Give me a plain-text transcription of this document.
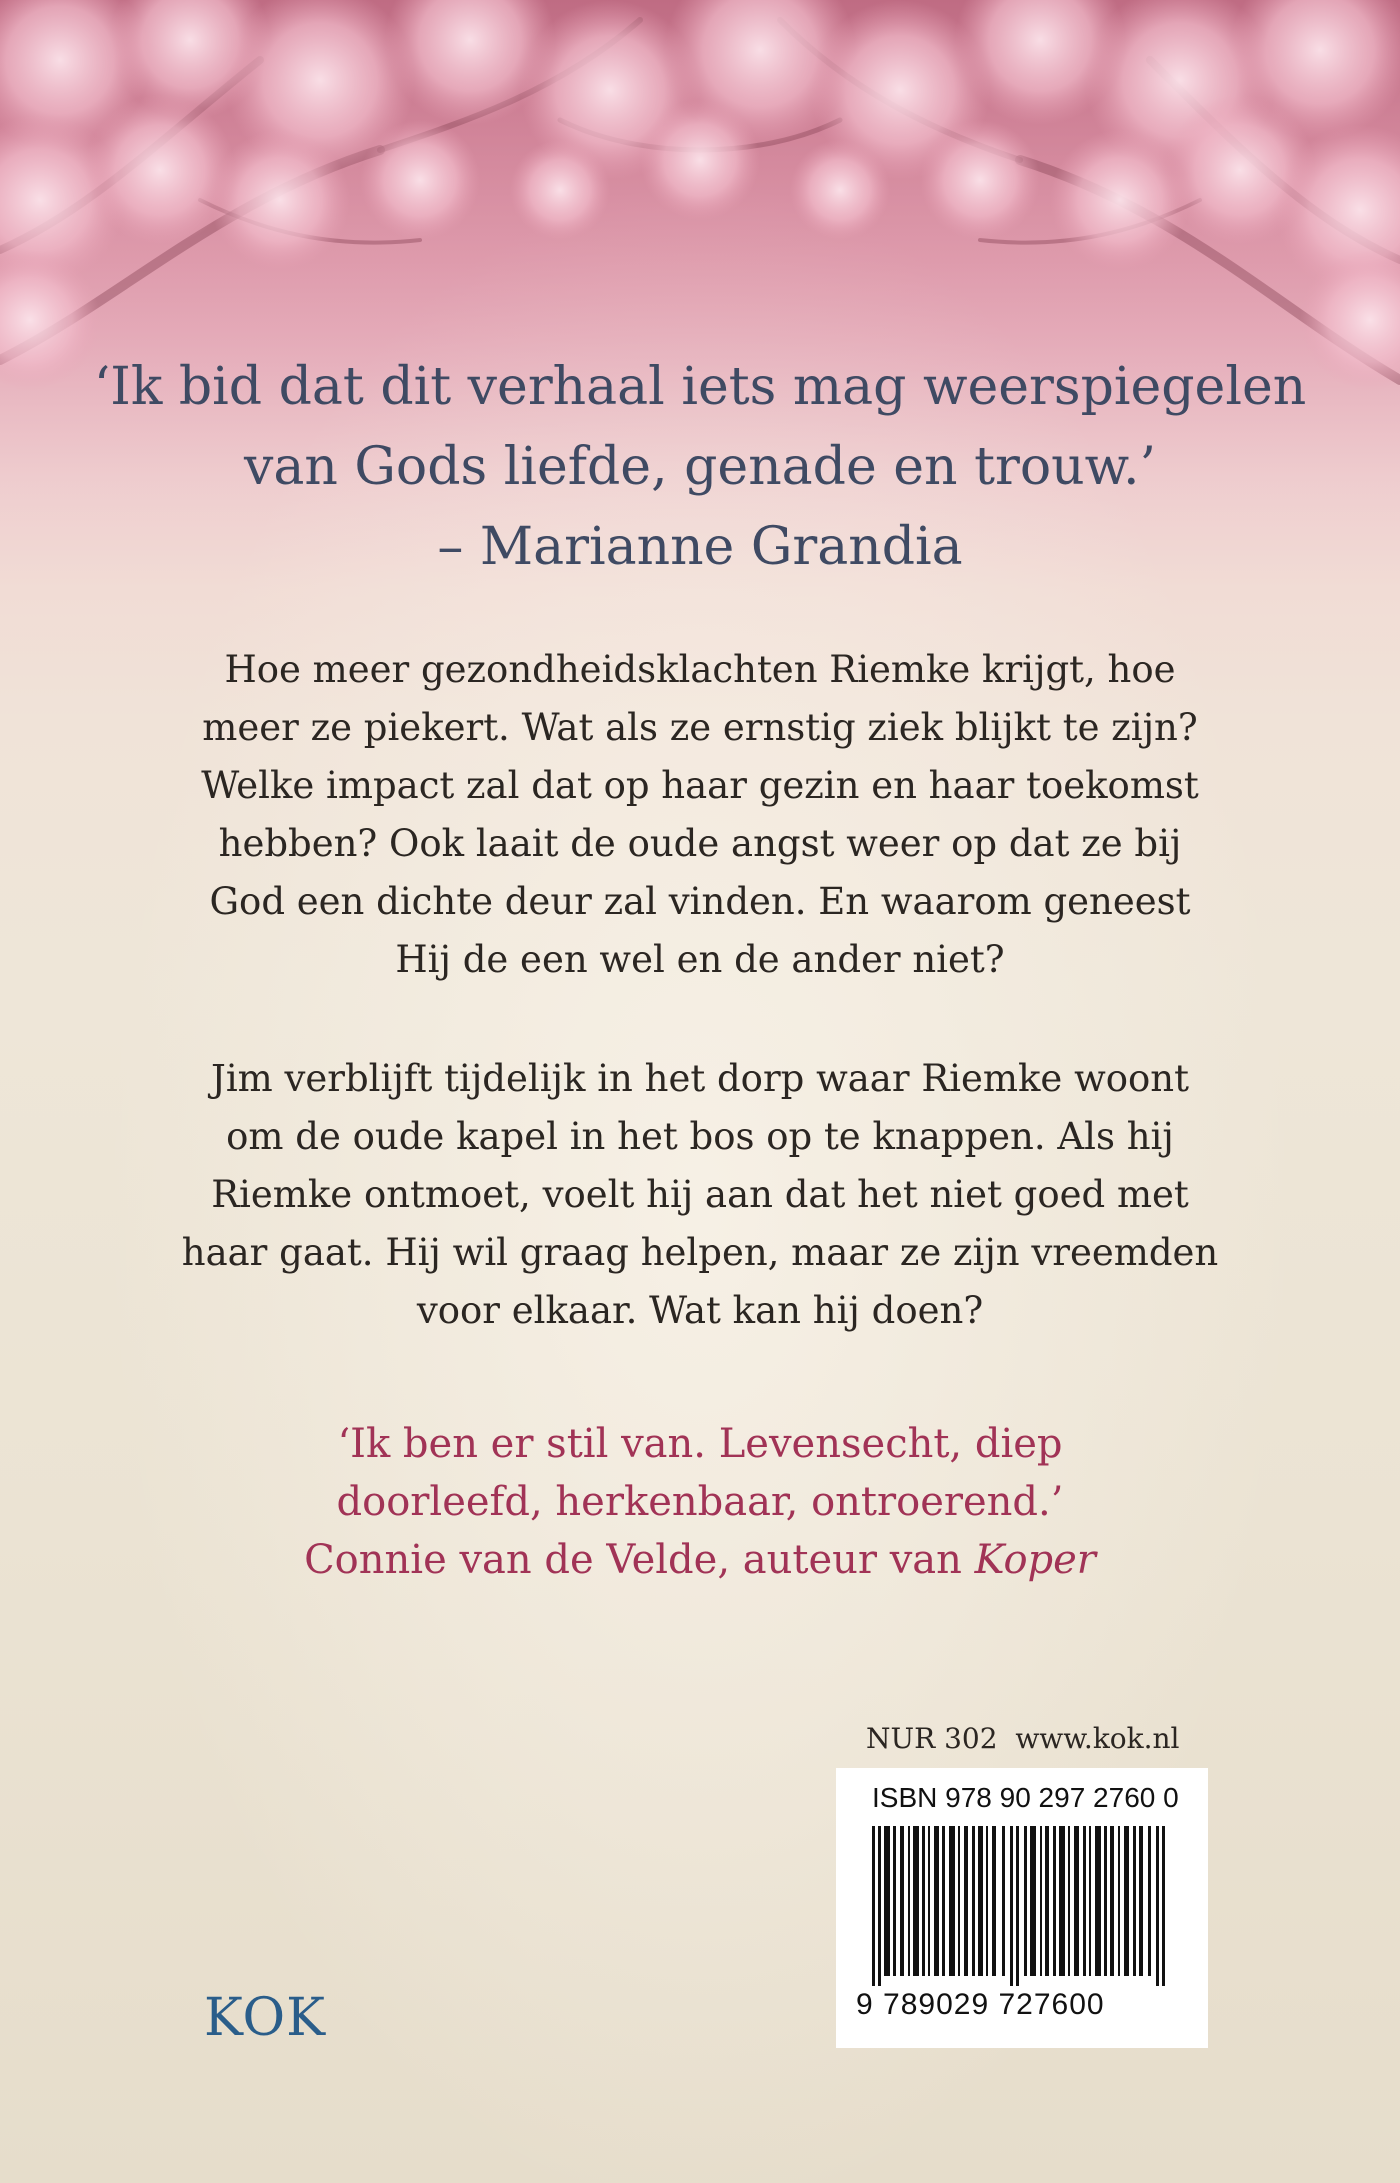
‘Ik bid dat dit verhaal iets mag weerspiegelen
van Gods liefde, genade en trouw.’
– Marianne Grandia
Hoe meer gezondheidsklachten Riemke krijgt, hoe
meer ze piekert. Wat als ze ernstig ziek blijkt te zijn?
Welke impact zal dat op haar gezin en haar toekomst
hebben? Ook laait de oude angst weer op dat ze bij
God een dichte deur zal vinden. En waarom geneest
Hij de een wel en de ander niet?
Jim verblijft tijdelijk in het dorp waar Riemke woont
om de oude kapel in het bos op te knappen. Als hij
Riemke ontmoet, voelt hij aan dat het niet goed met
haar gaat. Hij wil graag helpen, maar ze zijn vreemden
voor elkaar. Wat kan hij doen?
‘Ik ben er stil van. Levensecht, diep
doorleefd, herkenbaar, ontroerend.’
Connie van de Velde, auteur van Koper
NUR 302 www.kok.nl
ISBN 978 90 297 2760 0
9 789029 727600
KOK
